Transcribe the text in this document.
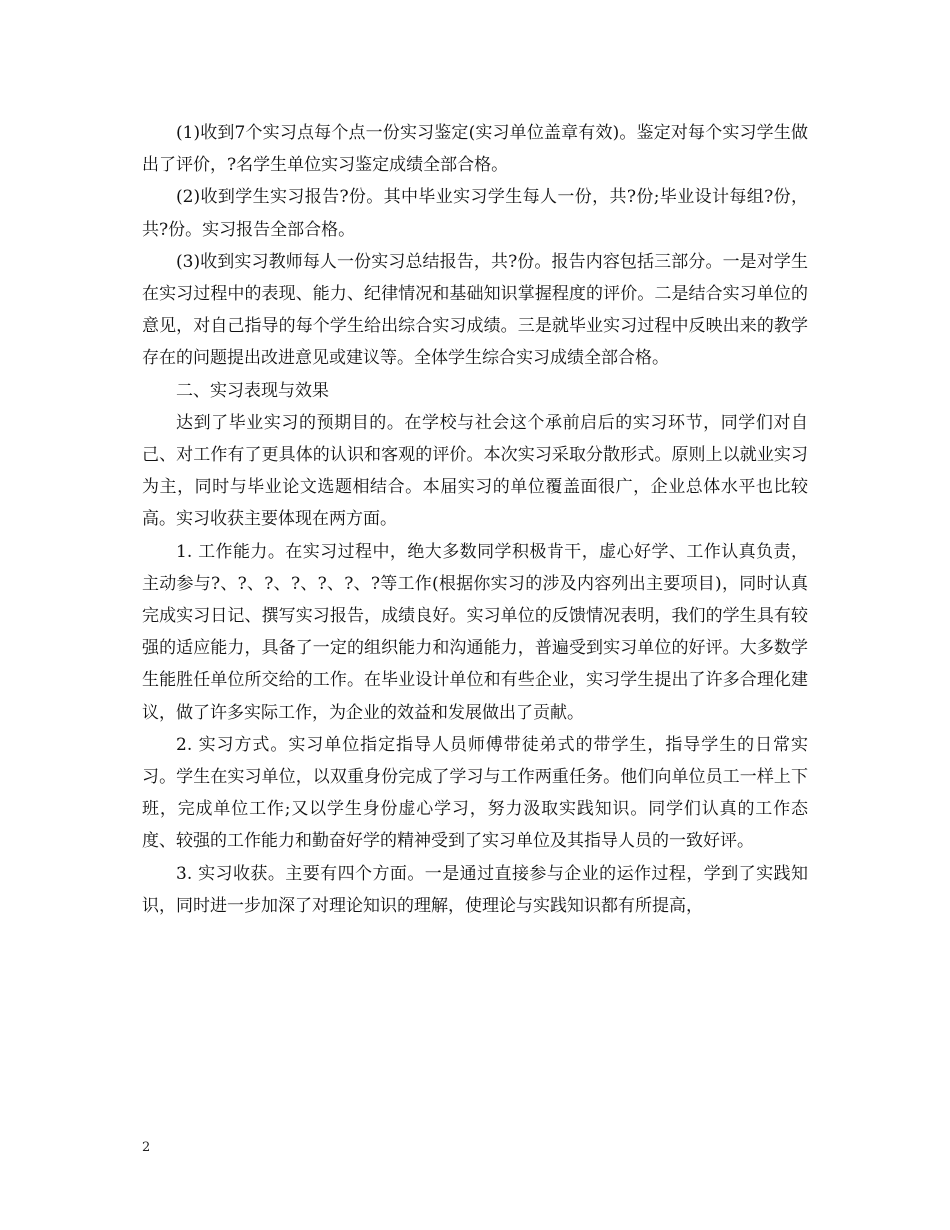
(1)收到7个实习点每个点一份实习鉴定(实习单位盖章有效)。鉴定对每个实习学生做出了评价，?名学生单位实习鉴定成绩全部合格。

(2)收到学生实习报告?份。其中毕业实习学生每人一份，共?份;毕业设计每组?份，共?份。实习报告全部合格。

(3)收到实习教师每人一份实习总结报告，共?份。报告内容包括三部分。一是对学生在实习过程中的表现、能力、纪律情况和基础知识掌握程度的评价。二是结合实习单位的意见，对自己指导的每个学生给出综合实习成绩。三是就毕业实习过程中反映出来的教学存在的问题提出改进意见或建议等。全体学生综合实习成绩全部合格。

二、实习表现与效果

达到了毕业实习的预期目的。在学校与社会这个承前启后的实习环节，同学们对自己、对工作有了更具体的认识和客观的评价。本次实习采取分散形式。原则上以就业实习为主，同时与毕业论文选题相结合。本届实习的单位覆盖面很广，企业总体水平也比较高。实习收获主要体现在两方面。

1. 工作能力。在实习过程中，绝大多数同学积极肯干，虚心好学、工作认真负责，主动参与?、?、?、?、?、?、?等工作(根据你实习的涉及内容列出主要项目)，同时认真完成实习日记、撰写实习报告，成绩良好。实习单位的反馈情况表明，我们的学生具有较强的适应能力，具备了一定的组织能力和沟通能力，普遍受到实习单位的好评。大多数学生能胜任单位所交给的工作。在毕业设计单位和有些企业，实习学生提出了许多合理化建议，做了许多实际工作，为企业的效益和发展做出了贡献。

2. 实习方式。实习单位指定指导人员师傅带徒弟式的带学生，指导学生的日常实习。学生在实习单位，以双重身份完成了学习与工作两重任务。他们向单位员工一样上下班，完成单位工作;又以学生身份虚心学习，努力汲取实践知识。同学们认真的工作态度、较强的工作能力和勤奋好学的精神受到了实习单位及其指导人员的一致好评。

3. 实习收获。主要有四个方面。一是通过直接参与企业的运作过程，学到了实践知识，同时进一步加深了对理论知识的理解，使理论与实践知识都有所提高，

2
